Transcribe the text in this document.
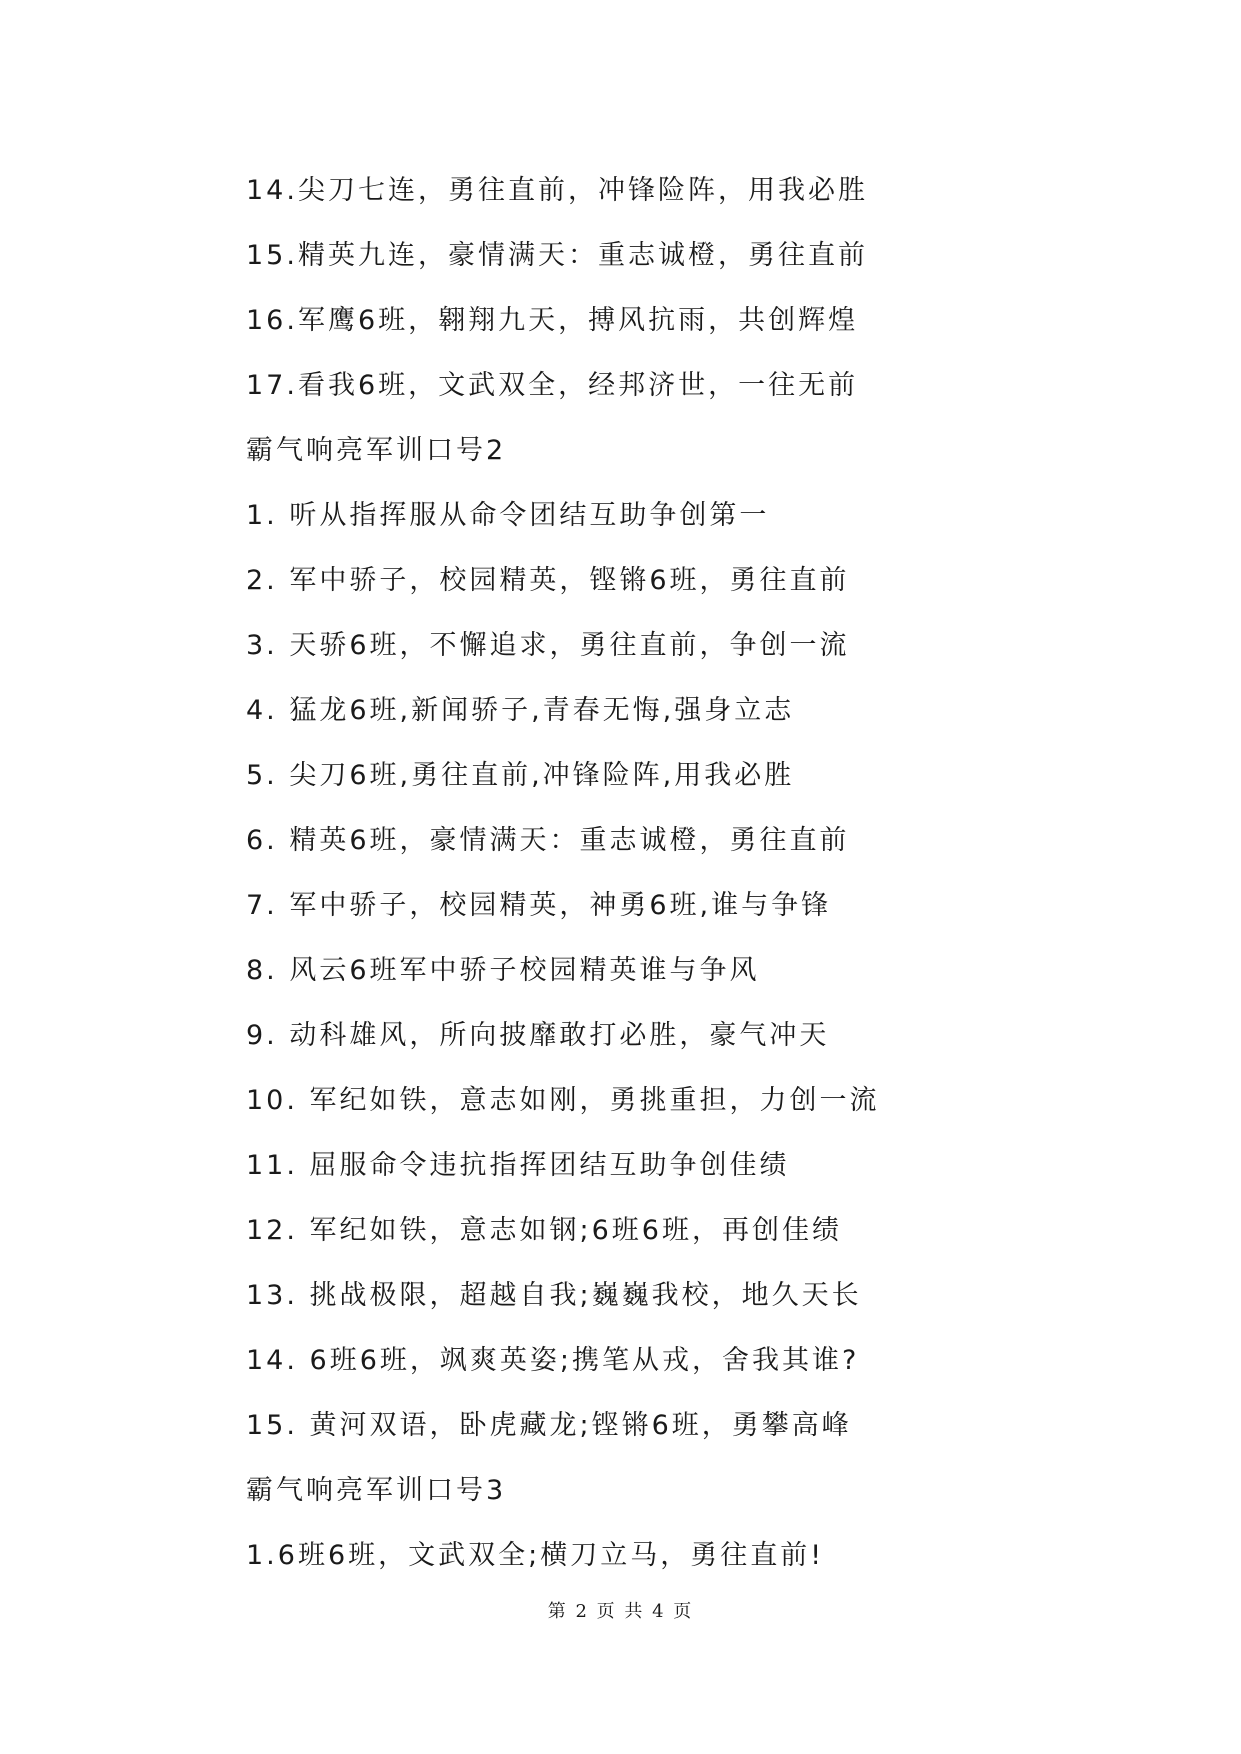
14.尖刀七连，勇往直前，冲锋险阵，用我必胜
15.精英九连，豪情满天：重志诚橙，勇往直前
16.军鹰6班，翱翔九天，搏风抗雨，共创辉煌
17.看我6班，文武双全，经邦济世，一往无前
霸气响亮军训口号2
1. 听从指挥服从命令团结互助争创第一
2. 军中骄子，校园精英，铿锵6班，勇往直前
3. 天骄6班，不懈追求，勇往直前，争创一流
4. 猛龙6班,新闻骄子,青春无悔,强身立志
5. 尖刀6班,勇往直前,冲锋险阵,用我必胜
6. 精英6班，豪情满天：重志诚橙，勇往直前
7. 军中骄子，校园精英，神勇6班,谁与争锋
8. 风云6班军中骄子校园精英谁与争风
9. 动科雄风，所向披靡敢打必胜，豪气冲天
10. 军纪如铁，意志如刚，勇挑重担，力创一流
11. 屈服命令违抗指挥团结互助争创佳绩
12. 军纪如铁，意志如钢;6班6班，再创佳绩
13. 挑战极限，超越自我;巍巍我校，地久天长
14. 6班6班，飒爽英姿;携笔从戎，舍我其谁?
15. 黄河双语，卧虎藏龙;铿锵6班，勇攀高峰
霸气响亮军训口号3
1.6班6班，文武双全;横刀立马，勇往直前!
第 2 页 共 4 页
